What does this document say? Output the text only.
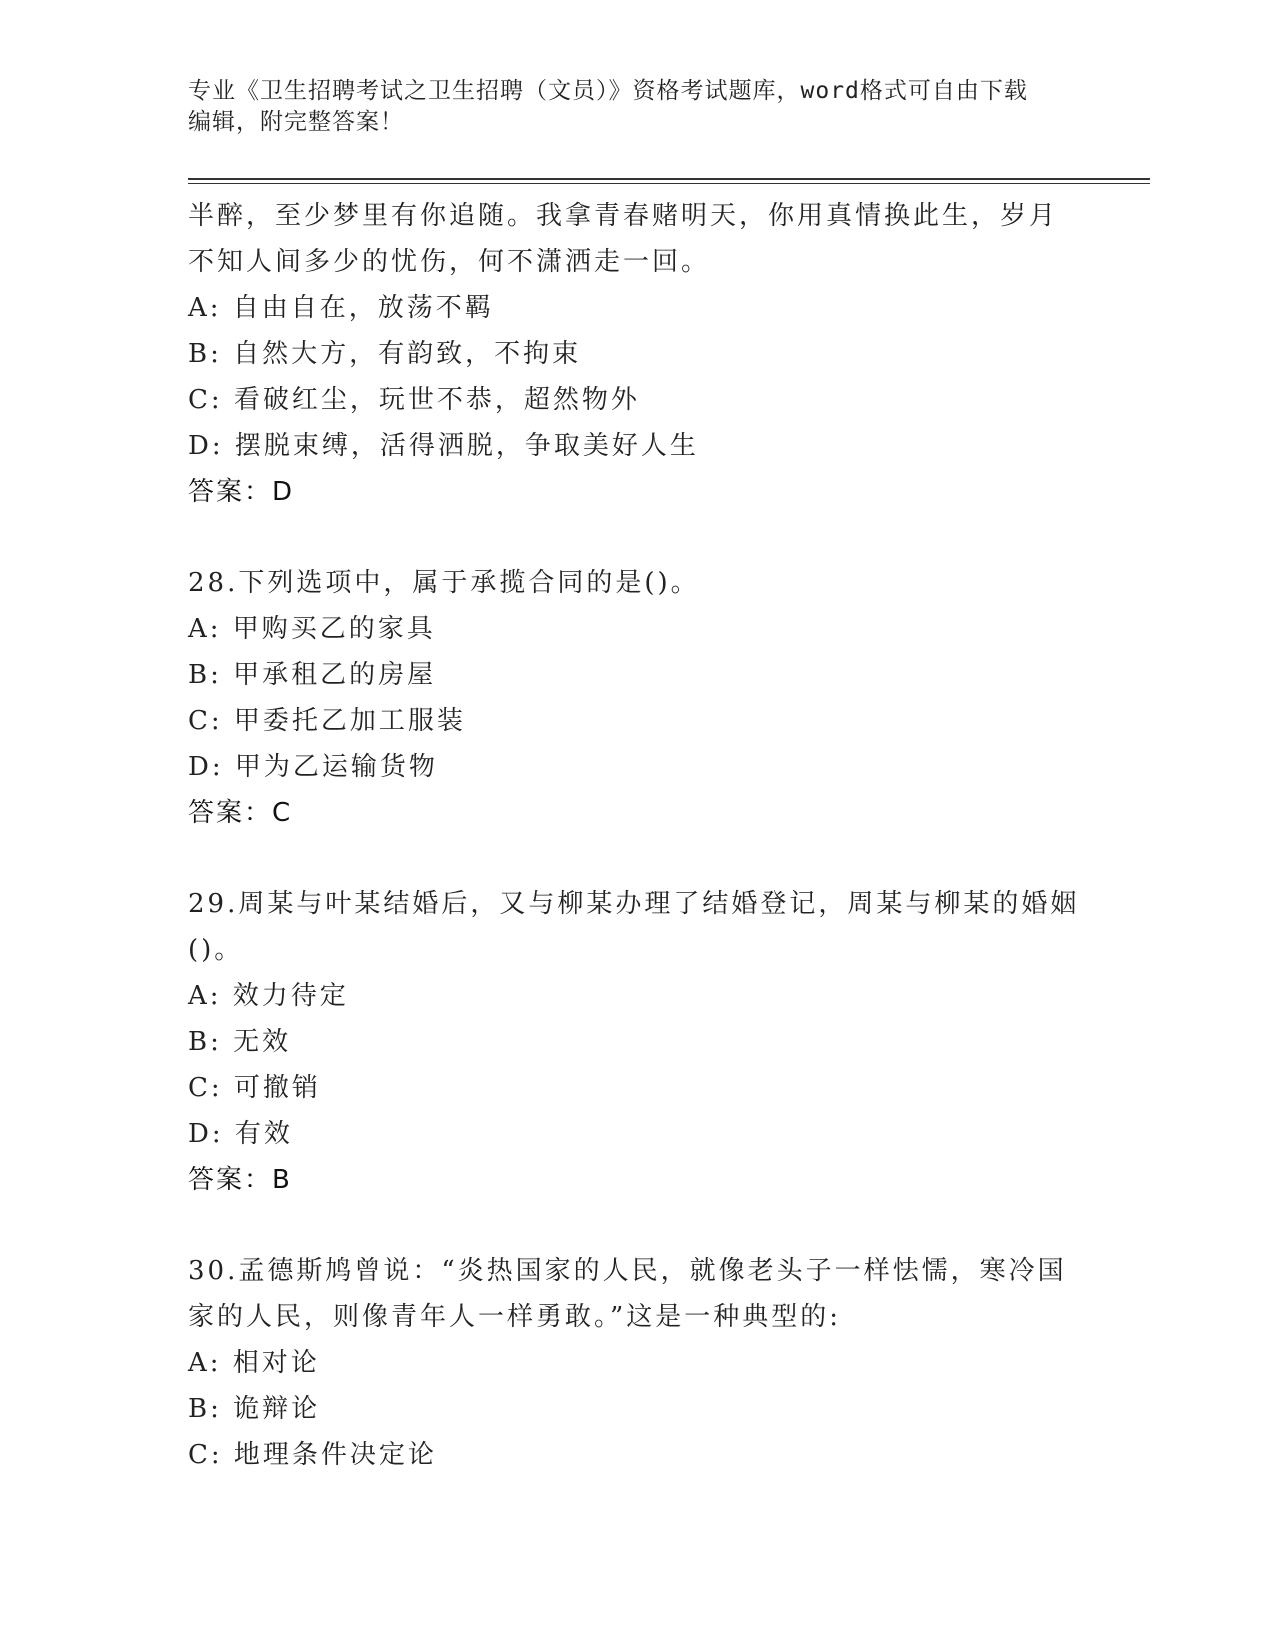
专业《卫生招聘考试之卫生招聘（文员）》资格考试题库，word格式可自由下载
编辑，附完整答案！
半醉，至少梦里有你追随。我拿青春赌明天，你用真情换此生，岁月
不知人间多少的忧伤，何不潇洒走一回。
A: 自由自在，放荡不羁
B: 自然大方，有韵致，不拘束
C: 看破红尘，玩世不恭，超然物外
D: 摆脱束缚，活得洒脱，争取美好人生
答案：D
28.下列选项中，属于承揽合同的是()。
A: 甲购买乙的家具
B: 甲承租乙的房屋
C: 甲委托乙加工服装
D: 甲为乙运输货物
答案：C
29.周某与叶某结婚后，又与柳某办理了结婚登记，周某与柳某的婚姻
()。
A: 效力待定
B: 无效
C: 可撤销
D: 有效
答案：B
30.孟德斯鸠曾说：“炎热国家的人民，就像老头子一样怯懦，寒冷国
家的人民，则像青年人一样勇敢。”这是一种典型的:
A: 相对论
B: 诡辩论
C: 地理条件决定论
